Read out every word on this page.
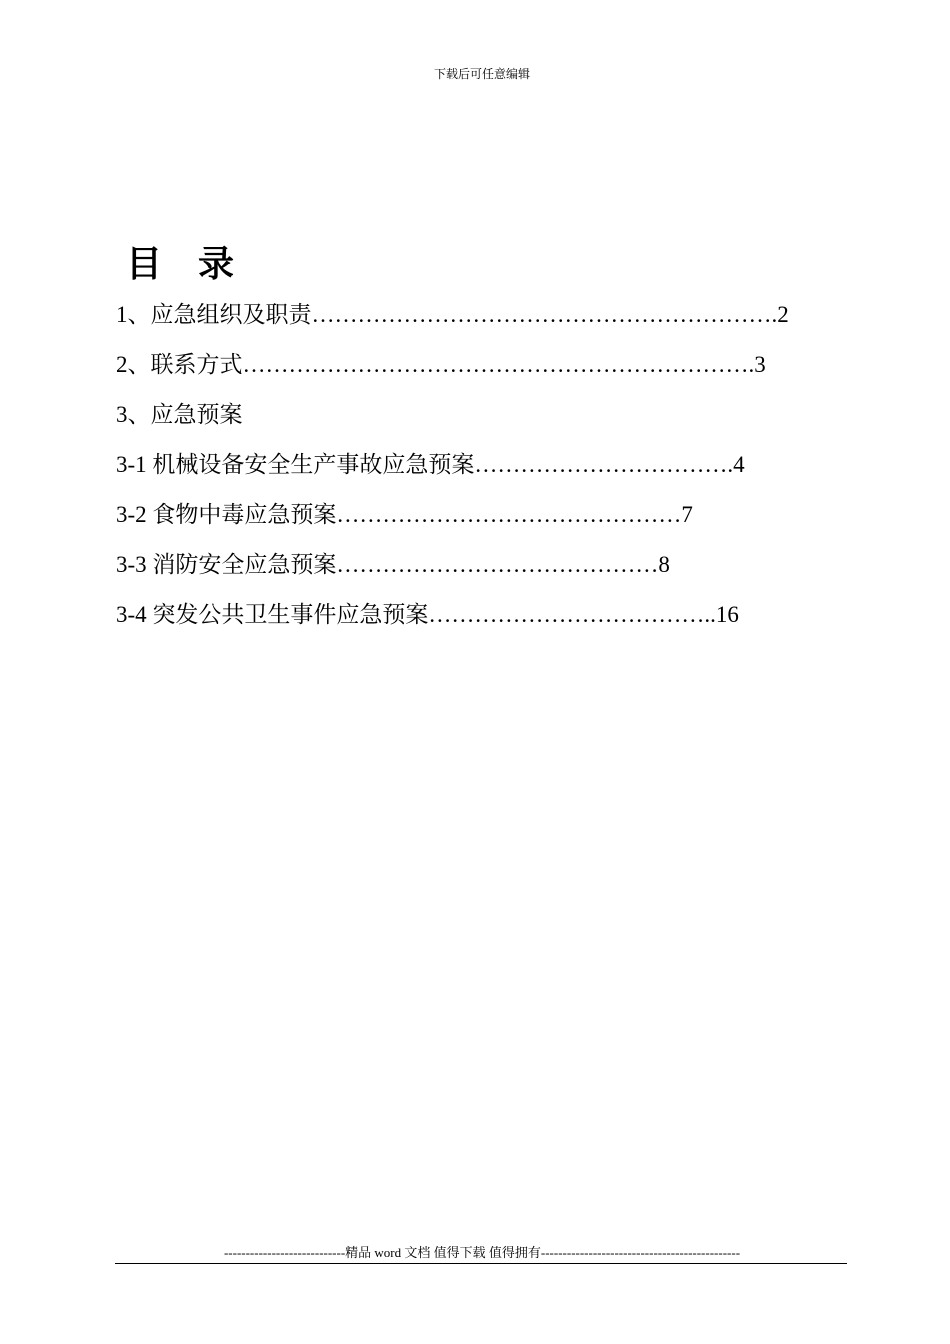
下载后可任意编辑
目　录
1、应急组织及职责 …………………………………………………… .2
2、联系方式 ………………………………………………………… .3
3、应急预案
3-1 机械设备安全生产事故应急预案 …………………………… .4
3-2 食物中毒应急预案 ……………………………………… 7
3-3 消防安全应急预案 …………………………………… 8
3-4 突发公共卫生事件应急预案 ……………………………… ..16
----------------------------精品 word 文档 值得下载 值得拥有----------------------------------------------
